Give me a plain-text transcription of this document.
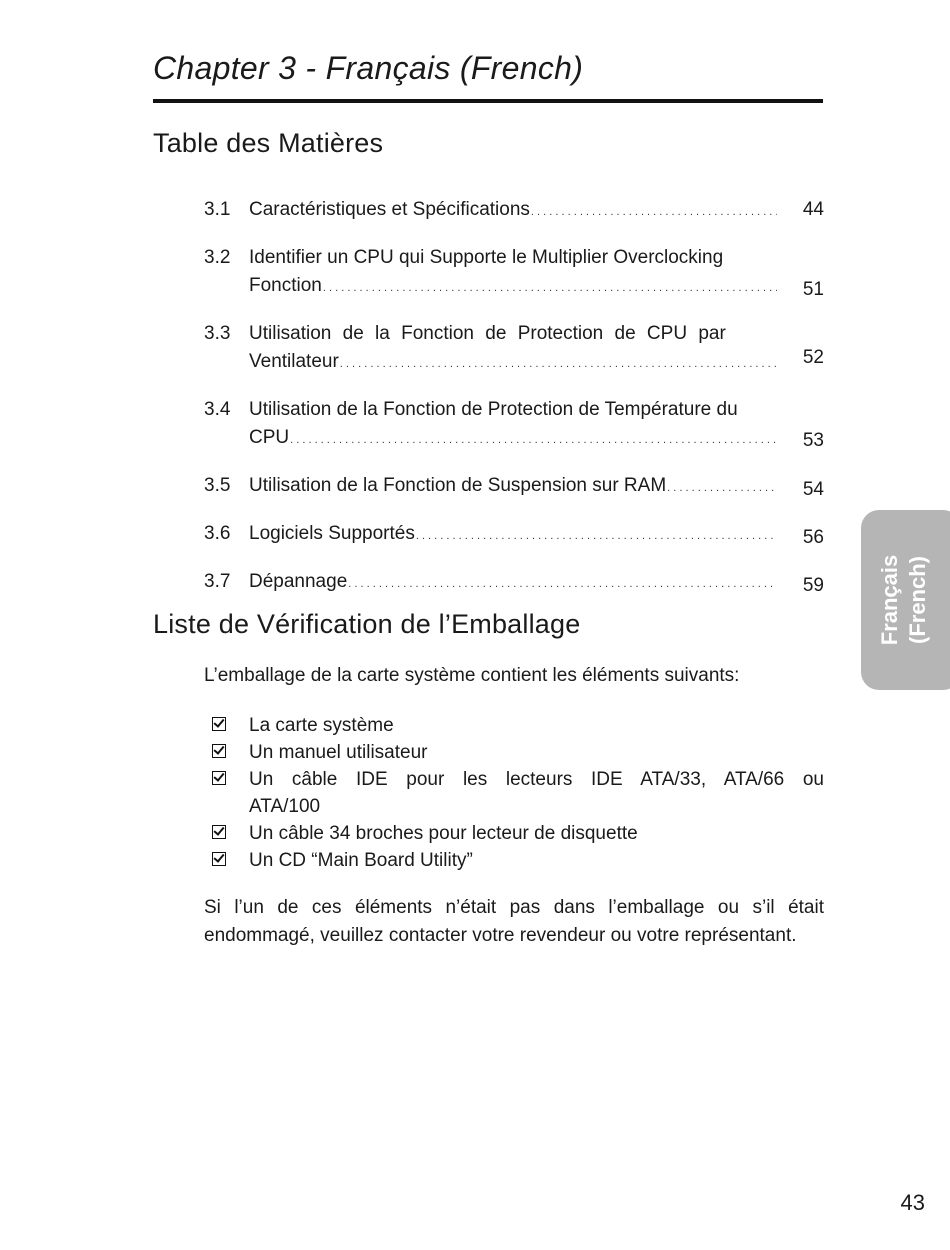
Chapter 3 - Français (French)
Table des Matières
3.1 Caractéristiques et Spécifications . . .	44
3.2 Identifier un CPU qui Supporte le Multiplier Overclocking
Fonction . . .	51
3.3 Utilisation de la Fonction de Protection de CPU par
Ventilateur . . .	52
3.4 Utilisation de la Fonction de Protection de Température du
CPU . . .	53
3.5 Utilisation de la Fonction de Suspension sur RAM . . .	54
3.6 Logiciels Supportés . . .	56
3.7 Dépannage . . .	59
Liste de Vérification de l’Emballage

L’emballage de la carte système contient les éléments suivants:

La carte système
Un manuel utilisateur
Un câble IDE pour les lecteurs IDE ATA/33, ATA/66 ou ATA/100
Un câble 34 broches pour lecteur de disquette
Un CD “Main Board Utility”

Si l’un de ces éléments n’était pas dans l’emballage ou s’il était endommagé, veuillez contacter votre revendeur ou votre représentant.

Français (French)
43
